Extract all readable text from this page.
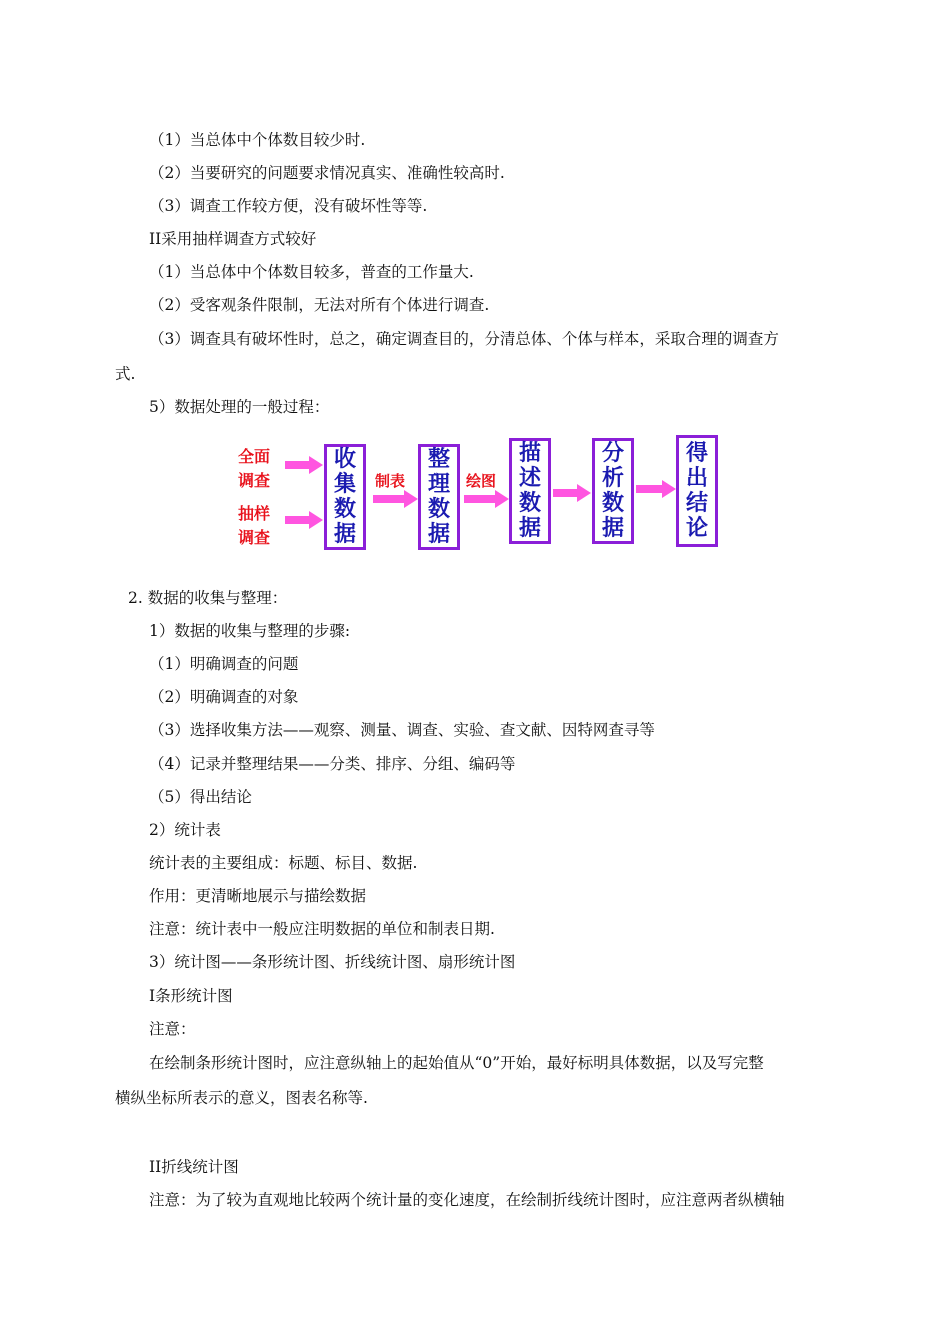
（1）当总体中个体数目较少时.
（2）当要研究的问题要求情况真实、准确性较高时.
（3）调查工作较方便，没有破坏性等等.
II采用抽样调查方式较好
（1）当总体中个体数目较多，普查的工作量大.
（2）受客观条件限制，无法对所有个体进行调查.
（3）调查具有破坏性时，总之，确定调查目的，分清总体、个体与样本，采取合理的调查方
式.
5）数据处理的一般过程：
全面
调查
抽样
调查
收集数据
制表
整理数据
绘图
描述数据
分析数据
得出结论
2. 数据的收集与整理：
1）数据的收集与整理的步骤:
（1）明确调查的问题
（2）明确调查的对象
（3）选择收集方法——观察、测量、调查、实验、查文献、因特网查寻等
（4）记录并整理结果——分类、排序、分组、编码等
（5）得出结论
2）统计表
统计表的主要组成：标题、标目、数据.
作用：更清晰地展示与描绘数据
注意：统计表中一般应注明数据的单位和制表日期.
3）统计图——条形统计图、折线统计图、扇形统计图
I条形统计图
注意：
在绘制条形统计图时，应注意纵轴上的起始值从“0”开始，最好标明具体数据，以及写完整
横纵坐标所表示的意义，图表名称等.
II折线统计图
注意：为了较为直观地比较两个统计量的变化速度，在绘制折线统计图时，应注意两者纵横轴
